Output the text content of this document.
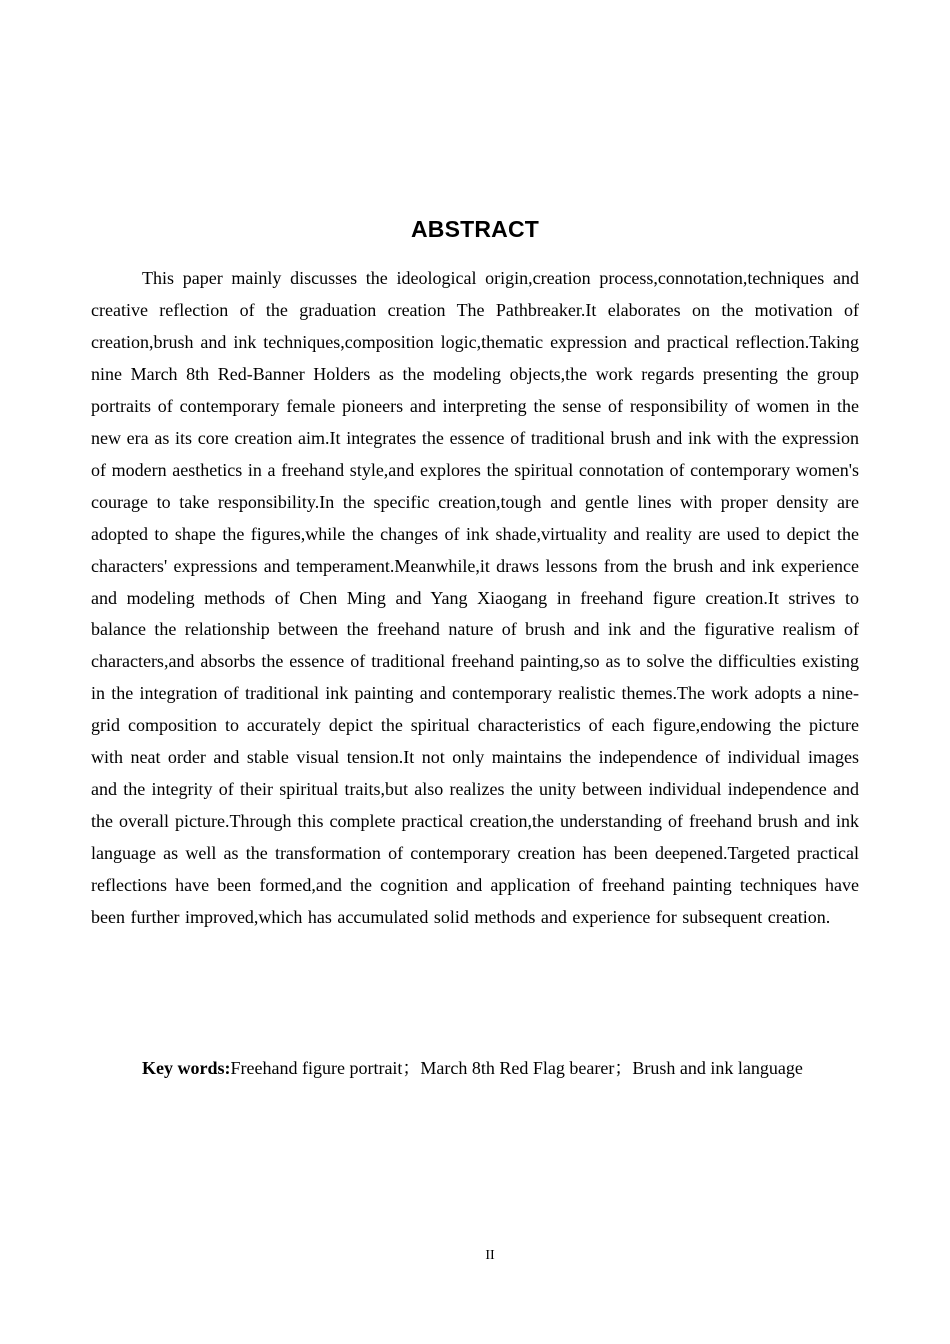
ABSTRACT

This paper mainly discusses the ideological origin,creation process,connotation,techniques and creative reflection of the graduation creation The Pathbreaker.It elaborates on the motivation of creation,brush and ink techniques,composition logic,thematic expression and practical reflection.Taking nine March 8th Red-Banner Holders as the modeling objects,the work regards presenting the group portraits of contemporary female pioneers and interpreting the sense of responsibility of women in the new era as its core creation aim.It integrates the essence of traditional brush and ink with the expression of modern aesthetics in a freehand style,and explores the spiritual connotation of contemporary women's courage to take responsibility.In the specific creation,tough and gentle lines with proper density are adopted to shape the figures,while the changes of ink shade,virtuality and reality are used to depict the characters' expressions and temperament.Meanwhile,it draws lessons from the brush and ink experience and modeling methods of Chen Ming and Yang Xiaogang in freehand figure creation.It strives to balance the relationship between the freehand nature of brush and ink and the figurative realism of characters,and absorbs the essence of traditional freehand painting,so as to solve the difficulties existing in the integration of traditional ink painting and contemporary realistic themes.The work adopts a nine-grid composition to accurately depict the spiritual characteristics of each figure,endowing the picture with neat order and stable visual tension.It not only maintains the independence of individual images and the integrity of their spiritual traits,but also realizes the unity between individual independence and the overall picture.Through this complete practical creation,the understanding of freehand brush and ink language as well as the transformation of contemporary creation has been deepened.Targeted practical reflections have been formed,and the cognition and application of freehand painting techniques have been further improved,which has accumulated solid methods and experience for subsequent creation.

Key words:Freehand figure portrait；March 8th Red Flag bearer；Brush and ink language

II
